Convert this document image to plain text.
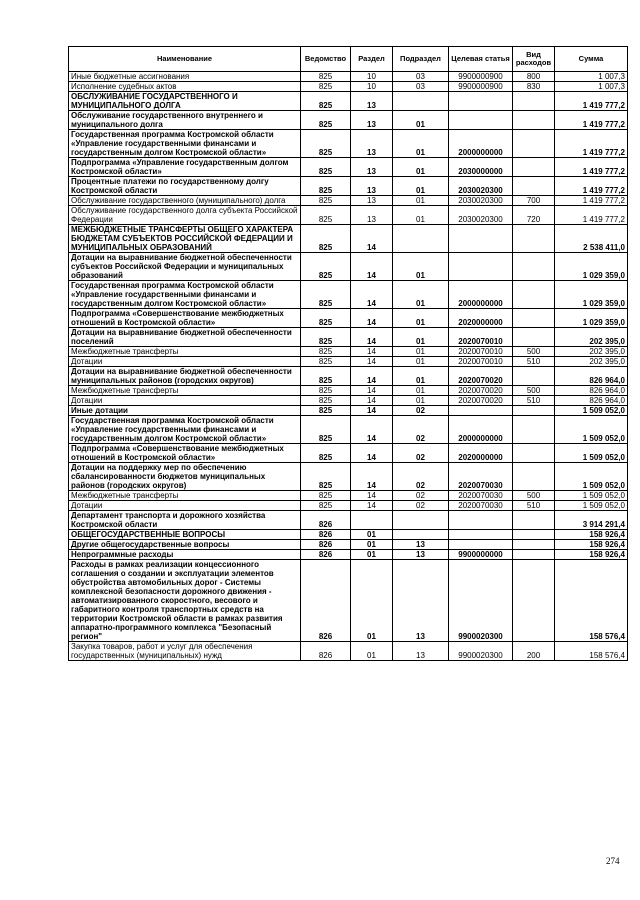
Наименование	Ведомство	Раздел	Подраздел	Целевая статья	Вид расходов	Сумма
Иные бюджетные ассигнования	825	10	03	9900000900	800	1 007,3
Исполнение судебных актов	825	10	03	9900000900	830	1 007,3
ОБСЛУЖИВАНИЕ ГОСУДАРСТВЕННОГО И МУНИЦИПАЛЬНОГО ДОЛГА	825	13				1 419 777,2
Обслуживание государственного внутреннего и муниципального долга	825	13	01			1 419 777,2
Государственная программа Костромской области «Управление государственными финансами и государственным долгом Костромской области»	825	13	01	2000000000		1 419 777,2
Подпрограмма «Управление государственным долгом Костромской области»	825	13	01	2030000000		1 419 777,2
Процентные платежи по государственному долгу Костромской области	825	13	01	2030020300		1 419 777,2
Обслуживание государственного (муниципального) долга	825	13	01	2030020300	700	1 419 777,2
Обслуживание государственного долга субъекта Российской Федерации	825	13	01	2030020300	720	1 419 777,2
МЕЖБЮДЖЕТНЫЕ ТРАНСФЕРТЫ ОБЩЕГО ХАРАКТЕРА БЮДЖЕТАМ СУБЪЕКТОВ РОССИЙСКОЙ ФЕДЕРАЦИИ И МУНИЦИПАЛЬНЫХ ОБРАЗОВАНИЙ	825	14				2 538 411,0
Дотации на выравнивание бюджетной обеспеченности субъектов Российской Федерации и муниципальных образований	825	14	01			1 029 359,0
Государственная программа Костромской области «Управление государственными финансами и государственным долгом Костромской области»	825	14	01	2000000000		1 029 359,0
Подпрограмма «Совершенствование межбюджетных отношений в Костромской области»	825	14	01	2020000000		1 029 359,0
Дотации на выравнивание бюджетной обеспеченности поселений	825	14	01	2020070010		202 395,0
Межбюджетные трансферты	825	14	01	2020070010	500	202 395,0
Дотации	825	14	01	2020070010	510	202 395,0
Дотации на выравнивание бюджетной обеспеченности муниципальных районов (городских округов)	825	14	01	2020070020		826 964,0
Межбюджетные трансферты	825	14	01	2020070020	500	826 964,0
Дотации	825	14	01	2020070020	510	826 964,0
Иные дотации	825	14	02			1 509 052,0
Государственная программа Костромской области «Управление государственными финансами и государственным долгом Костромской области»	825	14	02	2000000000		1 509 052,0
Подпрограмма «Совершенствование межбюджетных отношений в Костромской области»	825	14	02	2020000000		1 509 052,0
Дотации на поддержку мер по обеспечению сбалансированности бюджетов муниципальных районов (городских округов)	825	14	02	2020070030		1 509 052,0
Межбюджетные трансферты	825	14	02	2020070030	500	1 509 052,0
Дотации	825	14	02	2020070030	510	1 509 052,0
Департамент транспорта и дорожного хозяйства Костромской области	826					3 914 291,4
ОБЩЕГОСУДАРСТВЕННЫЕ ВОПРОСЫ	826	01				158 926,4
Другие общегосударственные вопросы	826	01	13			158 926,4
Непрограммные расходы	826	01	13	9900000000		158 926,4
Расходы в рамках реализации концессионного соглашения о создании и эксплуатации элементов обустройства автомобильных дорог - Системы комплексной безопасности дорожного движения - автоматизированного скоростного, весового и габаритного контроля транспортных средств на территории Костромской области в рамках развития аппаратно-программного комплекса "Безопасный регион"	826	01	13	9900020300		158 576,4
Закупка товаров, работ и услуг для обеспечения государственных (муниципальных) нужд	826	01	13	9900020300	200	158 576,4
274
